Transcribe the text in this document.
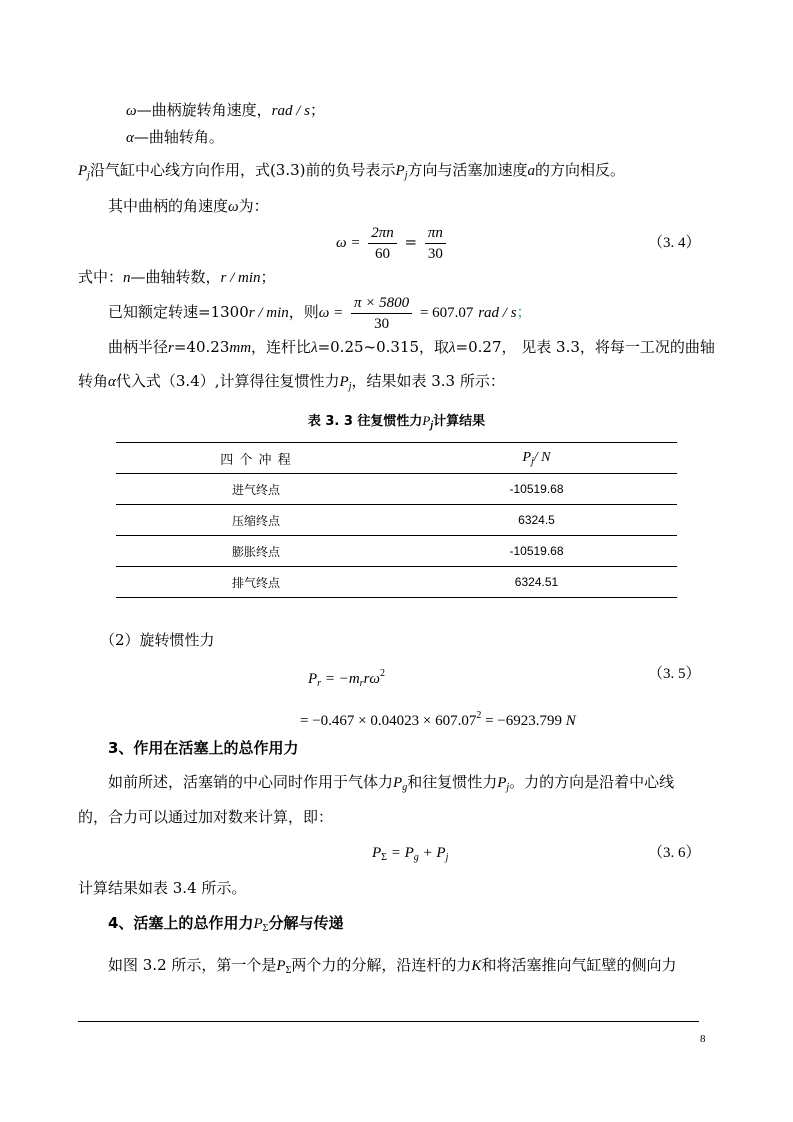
ω—曲柄旋转角速度，rad / s；
α—曲轴转角。
$P_j$沿气缸中心线方向作用，式(3.3)前的负号表示$P_j$方向与活塞加速度a的方向相反。
其中曲柄的角速度ω为：
$\omega = \frac{2\pi n}{60} = \frac{\pi n}{30}$	（3. 4）
式中：n—曲轴转数，r / min；
已知额定转速=1300r / min，则$\omega = \frac{\pi \times 5800}{30} = 607.07$ rad / s；
曲柄半径r=40.23mm，连杆比λ=0.25~0.315，取λ=0.27， 见表 3.3，将每一工况的曲轴
转角α代入式（3.4）,计算得往复惯性力$P_j$，结果如表 3.3 所示：
表 3. 3 往复惯性力$P_j$计算结果
四 个 冲 程	$P_j/$ N
进气终点	-10519.68
压缩终点	6324.5
膨胀终点	-10519.68
排气终点	6324.51
（2）旋转惯性力
$P_r = -m_rr\omega^2$	（3. 5）
= $-0.467 \times 0.04023 \times 607.07^2 = -6923.799$ N
3、作用在活塞上的总作用力
如前所述，活塞销的中心同时作用于气体力$P_g$和往复惯性力$P_j$。力的方向是沿着中心线
的，合力可以通过加对数来计算，即：
$P_\Sigma = P_g + P_j$	（3. 6）
计算结果如表 3.4 所示。
4、活塞上的总作用力$P_\Sigma$分解与传递
如图 3.2 所示，第一个是$P_\Sigma$两个力的分解，沿连杆的力K和将活塞推向气缸壁的侧向力
8
